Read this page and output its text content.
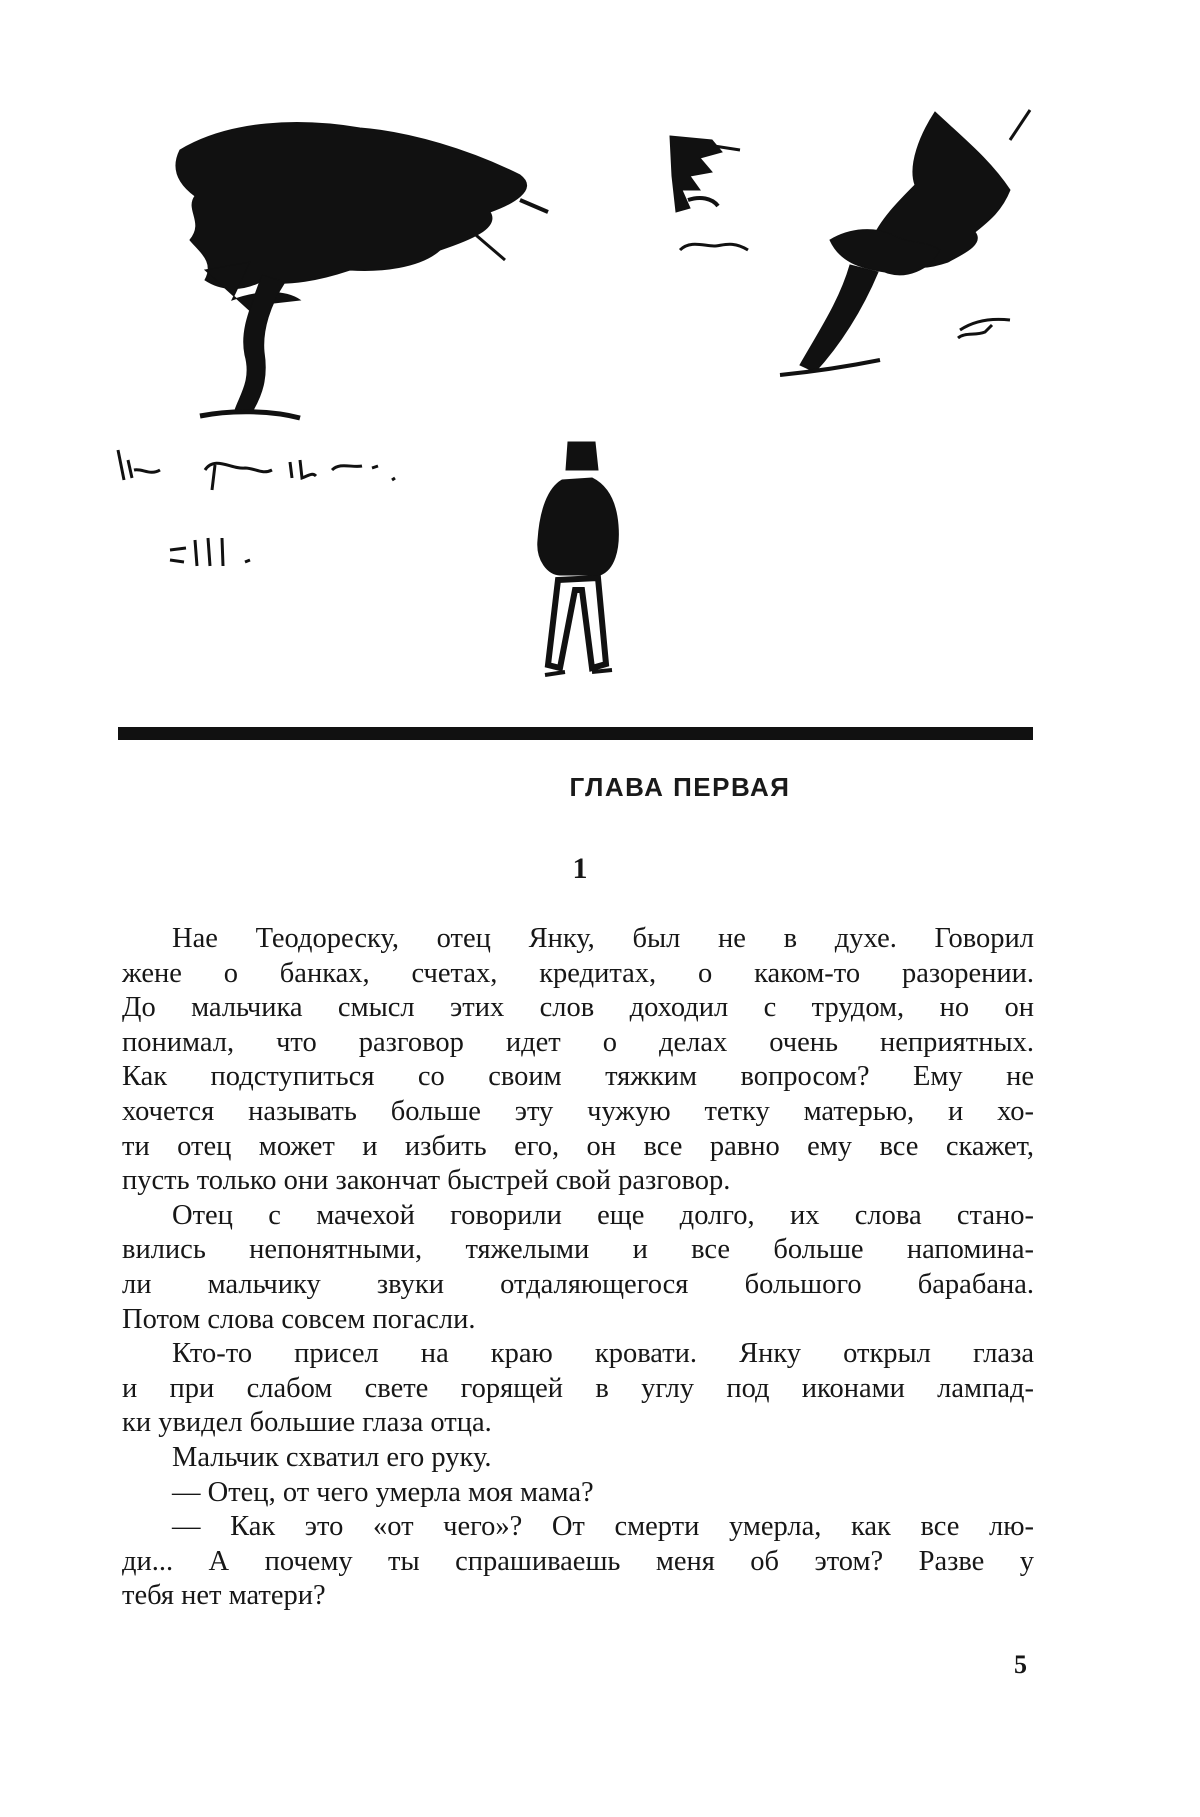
ГЛАВА ПЕРВАЯ
1
Нае Теодореску, отец Янку, был не в духе. Говорил
жене о банках, счетах, кредитах, о каком-то разорении.
До мальчика смысл этих слов доходил с трудом, но он
понимал, что разговор идет о делах очень неприятных.
Как подступиться со своим тяжким вопросом? Ему не
хочется называть больше эту чужую тетку матерью, и хо-
ти отец может и избить его, он все равно ему все скажет,
пусть только они закончат быстрей свой разговор.
Отец с мачехой говорили еще долго, их слова стано-
вились непонятными, тяжелыми и все больше напомина-
ли мальчику звуки отдаляющегося большого барабана.
Потом слова совсем погасли.
Кто-то присел на краю кровати. Янку открыл глаза
и при слабом свете горящей в углу под иконами лампад-
ки увидел большие глаза отца.
Мальчик схватил его руку.
— Отец, от чего умерла моя мама?
— Как это «от чего»? От смерти умерла, как все лю-
ди... А почему ты спрашиваешь меня об этом? Разве у
тебя нет матери?
5
